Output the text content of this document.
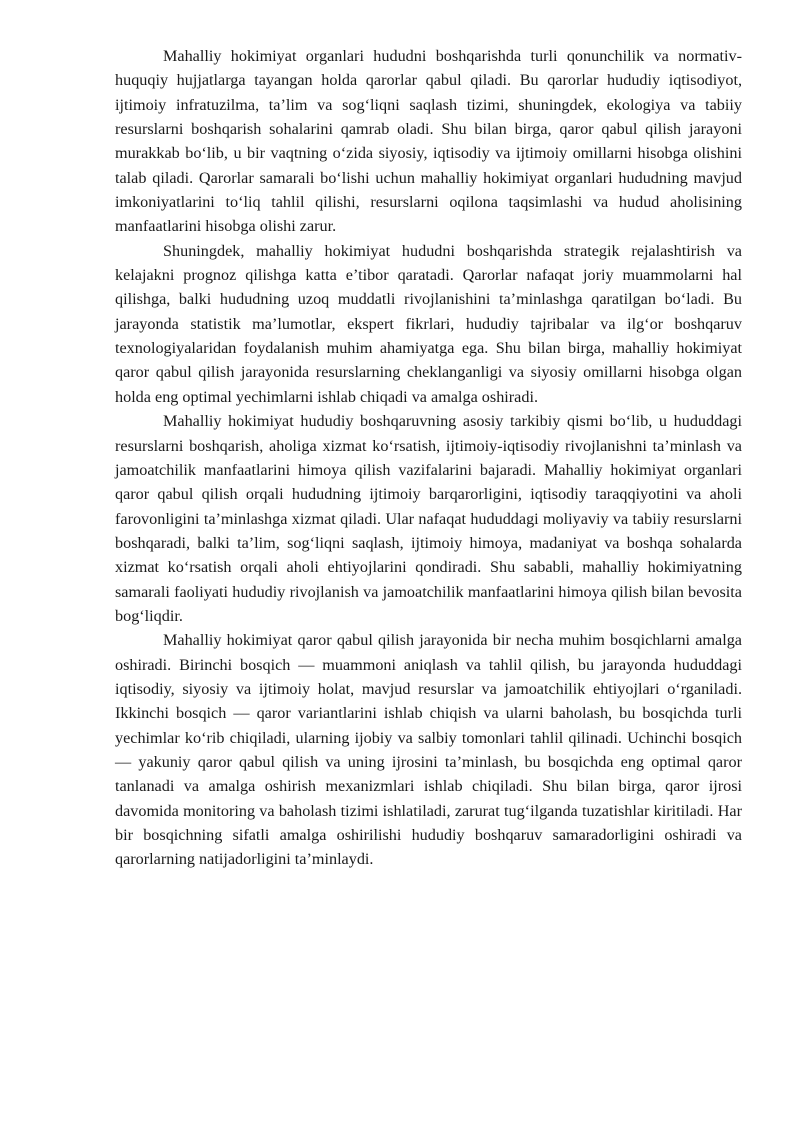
Mahalliy hokimiyat organlari hududni boshqarishda turli qonunchilik va normativ-huquqiy hujjatlarga tayangan holda qarorlar qabul qiladi. Bu qarorlar hududiy iqtisodiyot, ijtimoiy infratuzilma, ta’lim va sog‘liqni saqlash tizimi, shuningdek, ekologiya va tabiiy resurslarni boshqarish sohalarini qamrab oladi. Shu bilan birga, qaror qabul qilish jarayoni murakkab bo‘lib, u bir vaqtning o‘zida siyosiy, iqtisodiy va ijtimoiy omillarni hisobga olishini talab qiladi. Qarorlar samarali bo‘lishi uchun mahalliy hokimiyat organlari hududning mavjud imkoniyatlarini to‘liq tahlil qilishi, resurslarni oqilona taqsimlashi va hudud aholisining manfaatlarini hisobga olishi zarur.

Shuningdek, mahalliy hokimiyat hududni boshqarishda strategik rejalashtirish va kelajakni prognoz qilishga katta e’tibor qaratadi. Qarorlar nafaqat joriy muammolarni hal qilishga, balki hududning uzoq muddatli rivojlanishini ta’minlashga qaratilgan bo‘ladi. Bu jarayonda statistik ma’lumotlar, ekspert fikrlari, hududiy tajribalar va ilg‘or boshqaruv texnologiyalaridan foydalanish muhim ahamiyatga ega. Shu bilan birga, mahalliy hokimiyat qaror qabul qilish jarayonida resurslarning cheklanganligi va siyosiy omillarni hisobga olgan holda eng optimal yechimlarni ishlab chiqadi va amalga oshiradi.

Mahalliy hokimiyat hududiy boshqaruvning asosiy tarkibiy qismi bo‘lib, u hududdagi resurslarni boshqarish, aholiga xizmat ko‘rsatish, ijtimoiy-iqtisodiy rivojlanishni ta’minlash va jamoatchilik manfaatlarini himoya qilish vazifalarini bajaradi. Mahalliy hokimiyat organlari qaror qabul qilish orqali hududning ijtimoiy barqarorligini, iqtisodiy taraqqiyotini va aholi farovonligini ta’minlashga xizmat qiladi. Ular nafaqat hududdagi moliyaviy va tabiiy resurslarni boshqaradi, balki ta’lim, sog‘liqni saqlash, ijtimoiy himoya, madaniyat va boshqa sohalarda xizmat ko‘rsatish orqali aholi ehtiyojlarini qondiradi. Shu sababli, mahalliy hokimiyatning samarali faoliyati hududiy rivojlanish va jamoatchilik manfaatlarini himoya qilish bilan bevosita bog‘liqdir.

Mahalliy hokimiyat qaror qabul qilish jarayonida bir necha muhim bosqichlarni amalga oshiradi. Birinchi bosqich — muammoni aniqlash va tahlil qilish, bu jarayonda hududdagi iqtisodiy, siyosiy va ijtimoiy holat, mavjud resurslar va jamoatchilik ehtiyojlari o‘rganiladi. Ikkinchi bosqich — qaror variantlarini ishlab chiqish va ularni baholash, bu bosqichda turli yechimlar ko‘rib chiqiladi, ularning ijobiy va salbiy tomonlari tahlil qilinadi. Uchinchi bosqich — yakuniy qaror qabul qilish va uning ijrosini ta’minlash, bu bosqichda eng optimal qaror tanlanadi va amalga oshirish mexanizmlari ishlab chiqiladi. Shu bilan birga, qaror ijrosi davomida monitoring va baholash tizimi ishlatiladi, zarurat tug‘ilganda tuzatishlar kiritiladi. Har bir bosqichning sifatli amalga oshirilishi hududiy boshqaruv samaradorligini oshiradi va qarorlarning natijadorligini ta’minlaydi.
